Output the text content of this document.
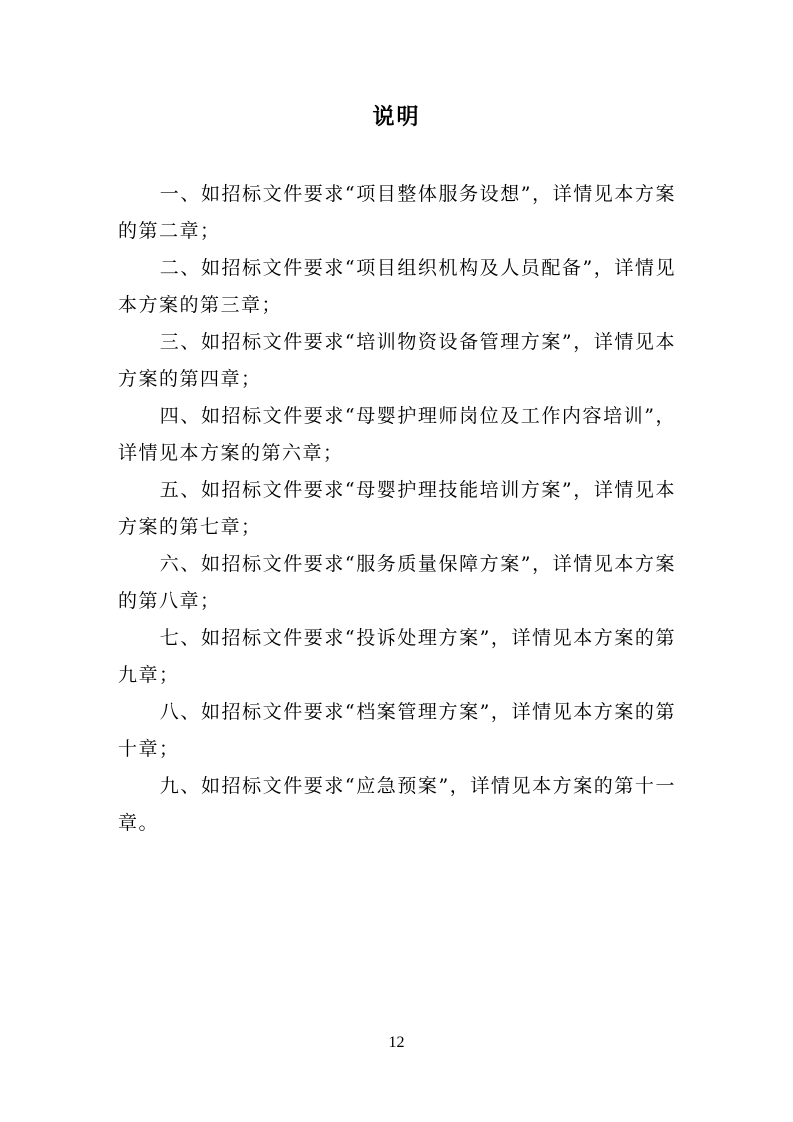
说明

一、如招标文件要求“项目整体服务设想”，详情见本方案的第二章；

二、如招标文件要求“项目组织机构及人员配备”，详情见本方案的第三章；

三、如招标文件要求“培训物资设备管理方案”，详情见本方案的第四章；

四、如招标文件要求“母婴护理师岗位及工作内容培训”，详情见本方案的第六章；

五、如招标文件要求“母婴护理技能培训方案”，详情见本方案的第七章；

六、如招标文件要求“服务质量保障方案”，详情见本方案的第八章；

七、如招标文件要求“投诉处理方案”，详情见本方案的第九章；

八、如招标文件要求“档案管理方案”，详情见本方案的第十章；

九、如招标文件要求“应急预案”，详情见本方案的第十一章。

12
